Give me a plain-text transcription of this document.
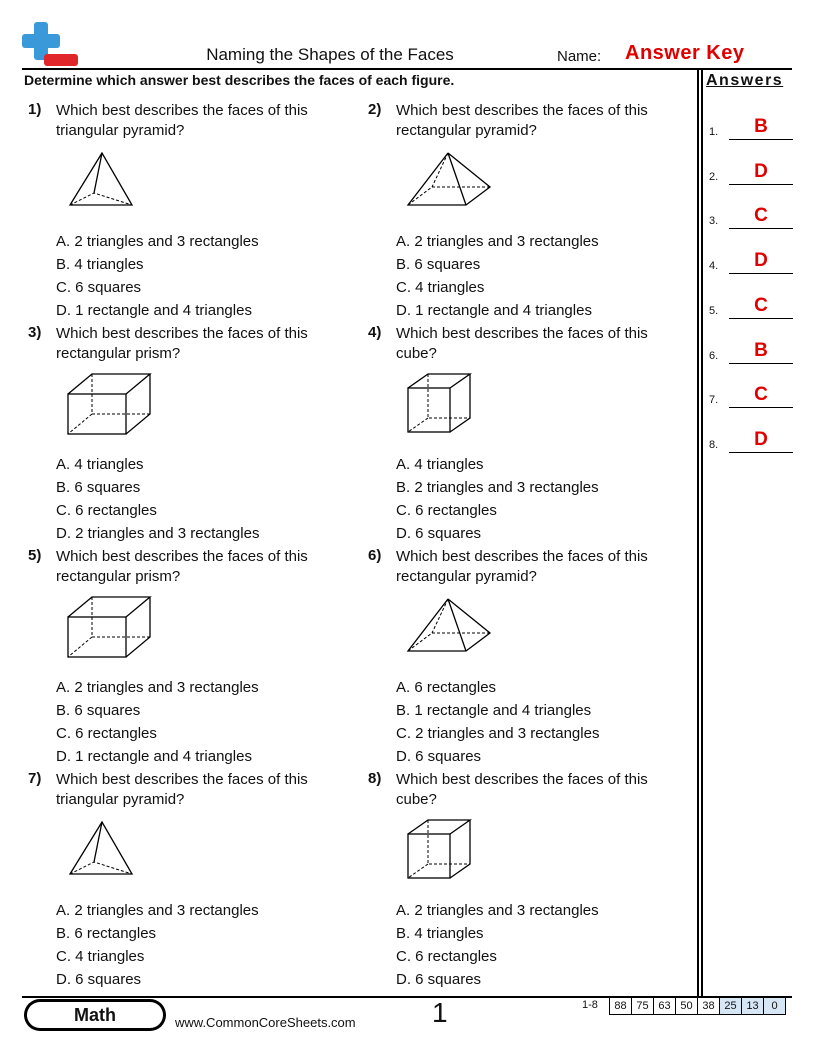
Naming the Shapes of the Faces	Name: Answer Key
Determine which answer best describes the faces of each figure.	Answers
1.	B
2.	D
3.	C
4.	D
5.	C
6.	B
7.	C
8.	D
1) Which best describes the faces of this triangular pyramid?
A. 2 triangles and 3 rectangles
B. 4 triangles
C. 6 squares
D. 1 rectangle and 4 triangles
2) Which best describes the faces of this rectangular pyramid?
A. 2 triangles and 3 rectangles
B. 6 squares
C. 4 triangles
D. 1 rectangle and 4 triangles
3) Which best describes the faces of this rectangular prism?
A. 4 triangles
B. 6 squares
C. 6 rectangles
D. 2 triangles and 3 rectangles
4) Which best describes the faces of this cube?
A. 4 triangles
B. 2 triangles and 3 rectangles
C. 6 rectangles
D. 6 squares
5) Which best describes the faces of this rectangular prism?
A. 2 triangles and 3 rectangles
B. 6 squares
C. 6 rectangles
D. 1 rectangle and 4 triangles
6) Which best describes the faces of this rectangular pyramid?
A. 6 rectangles
B. 1 rectangle and 4 triangles
C. 2 triangles and 3 rectangles
D. 6 squares
7) Which best describes the faces of this triangular pyramid?
A. 2 triangles and 3 rectangles
B. 6 rectangles
C. 4 triangles
D. 6 squares
8) Which best describes the faces of this cube?
A. 2 triangles and 3 rectangles
B. 4 triangles
C. 6 rectangles
D. 6 squares
Math	www.CommonCoreSheets.com	1	1-8	88 75 63 50 38 25 13	0
